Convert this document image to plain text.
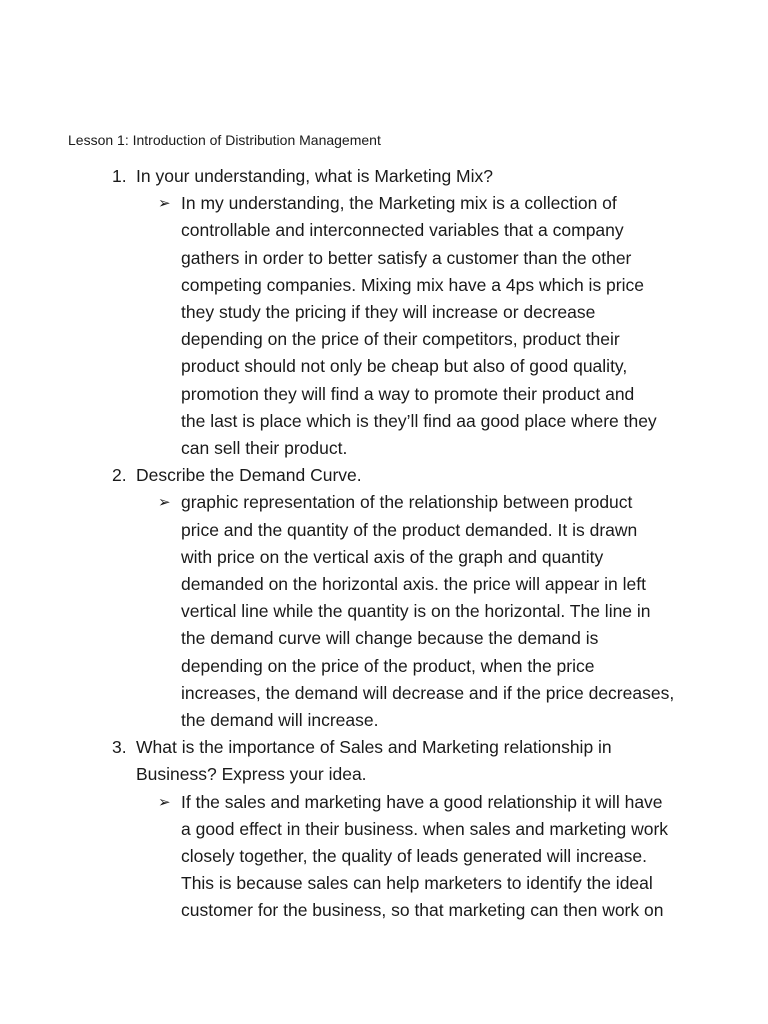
Lesson 1: Introduction of Distribution Management
1. In your understanding, what is Marketing Mix?
➢ In my understanding, the Marketing mix is a collection of
controllable and interconnected variables that a company
gathers in order to better satisfy a customer than the other
competing companies. Mixing mix have a 4ps which is price
they study the pricing if they will increase or decrease
depending on the price of their competitors, product their
product should not only be cheap but also of good quality,
promotion they will find a way to promote their product and
the last is place which is they’ll find aa good place where they
can sell their product.
2. Describe the Demand Curve.
➢ graphic representation of the relationship between product
price and the quantity of the product demanded. It is drawn
with price on the vertical axis of the graph and quantity
demanded on the horizontal axis. the price will appear in left
vertical line while the quantity is on the horizontal. The line in
the demand curve will change because the demand is
depending on the price of the product, when the price
increases, the demand will decrease and if the price decreases,
the demand will increase.
3. What is the importance of Sales and Marketing relationship in
Business? Express your idea.
➢ If the sales and marketing have a good relationship it will have
a good effect in their business. when sales and marketing work
closely together, the quality of leads generated will increase.
This is because sales can help marketers to identify the ideal
customer for the business, so that marketing can then work on
